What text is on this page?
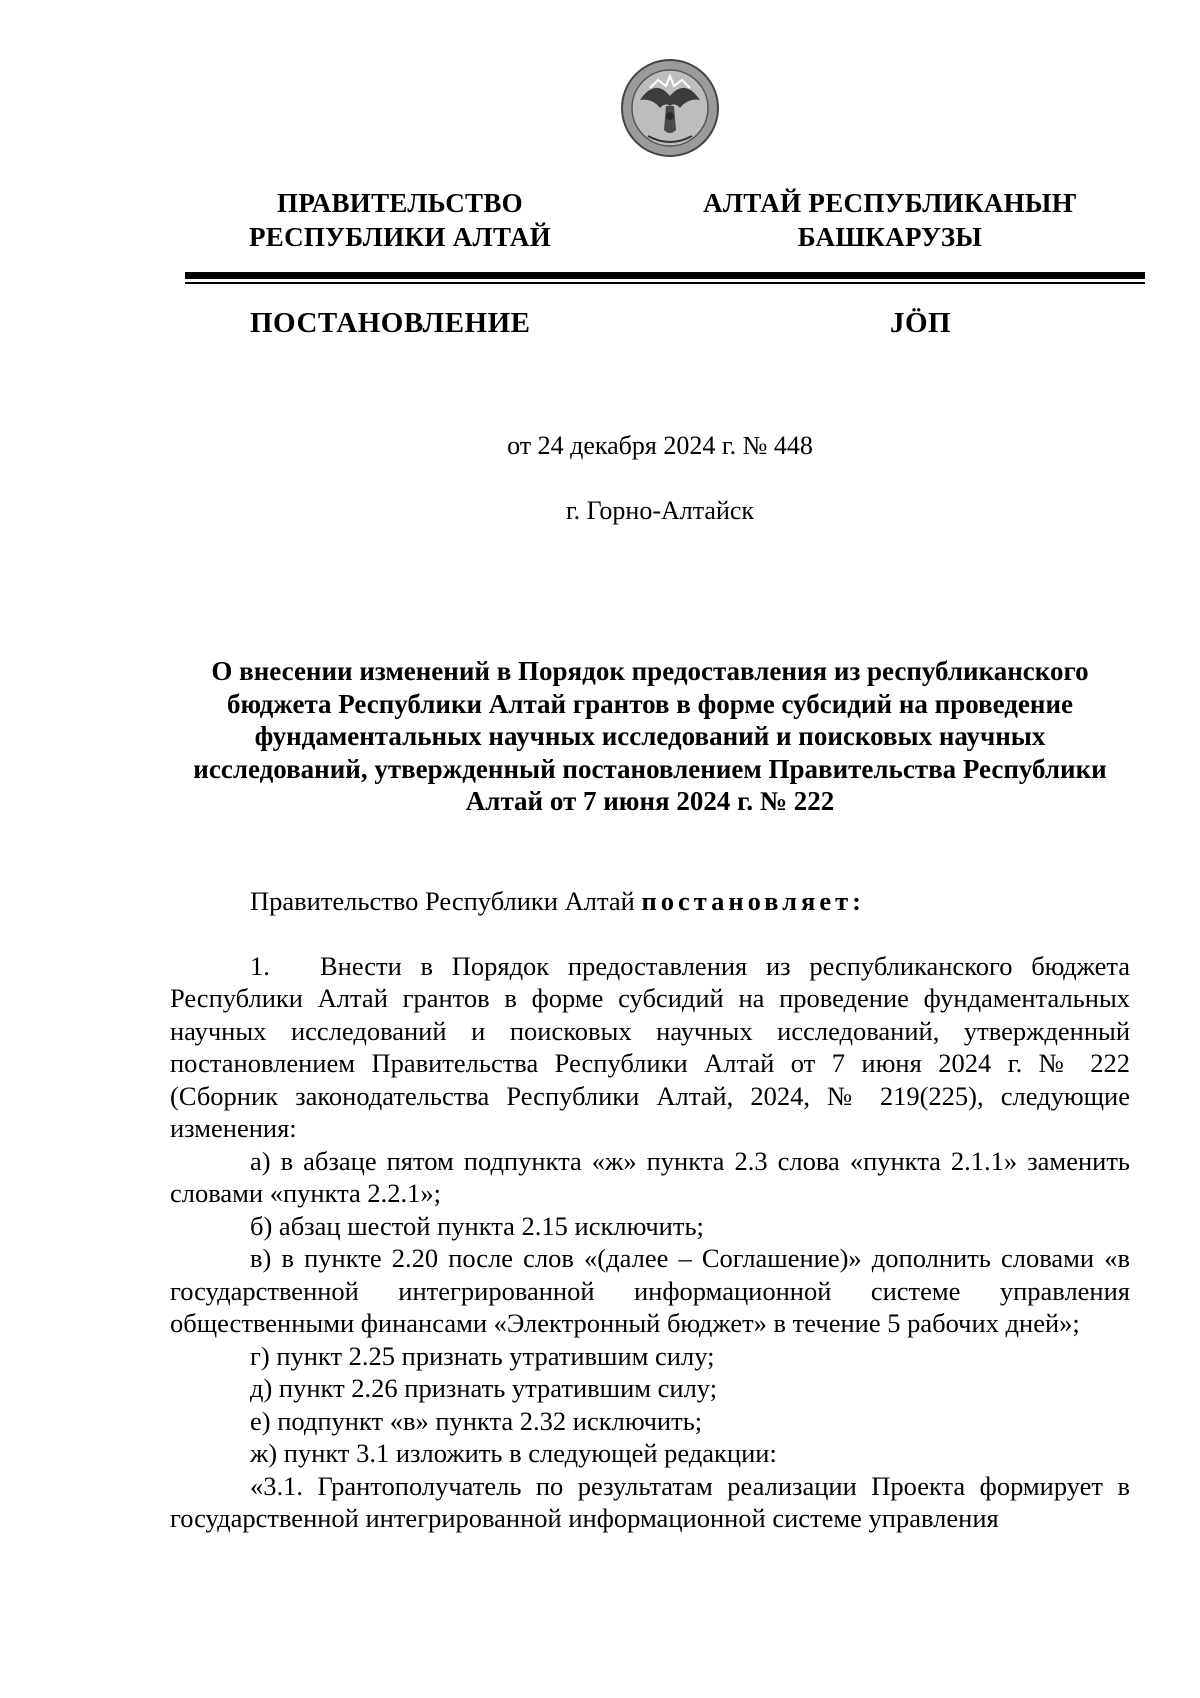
ПРАВИТЕЛЬСТВО
РЕСПУБЛИКИ АЛТАЙ
АЛТАЙ РЕСПУБЛИКАНЫҤ
БАШКАРУЗЫ
ПОСТАНОВЛЕНИЕ	JÖП
от 24 декабря 2024 г. № 448
г. Горно-Алтайск
О внесении изменений в Порядок предоставления из республиканского
бюджета Республики Алтай грантов в форме субсидий на проведение
фундаментальных научных исследований и поисковых научных
исследований, утвержденный постановлением Правительства Республики
Алтай от 7 июня 2024 г. № 222

Правительство Республики Алтай постановляет:

1. Внести в Порядок предоставления из республиканского бюджета Республики Алтай грантов в форме субсидий на проведение фундаментальных научных исследований и поисковых научных исследований, утвержденный постановлением Правительства Республики Алтай от 7 июня 2024 г. № 222 (Сборник законодательства Республики Алтай, 2024, № 219(225), следующие изменения:

а) в абзаце пятом подпункта «ж» пункта 2.3 слова «пункта 2.1.1» заменить словами «пункта 2.2.1»;

б) абзац шестой пункта 2.15 исключить;

в) в пункте 2.20 после слов «(далее – Соглашение)» дополнить словами «в государственной интегрированной информационной системе управления общественными финансами «Электронный бюджет» в течение 5 рабочих дней»;

г) пункт 2.25 признать утратившим силу;

д) пункт 2.26 признать утратившим силу;

е) подпункт «в» пункта 2.32 исключить;

ж) пункт 3.1 изложить в следующей редакции:

«3.1. Грантополучатель по результатам реализации Проекта формирует в государственной интегрированной информационной системе управления
